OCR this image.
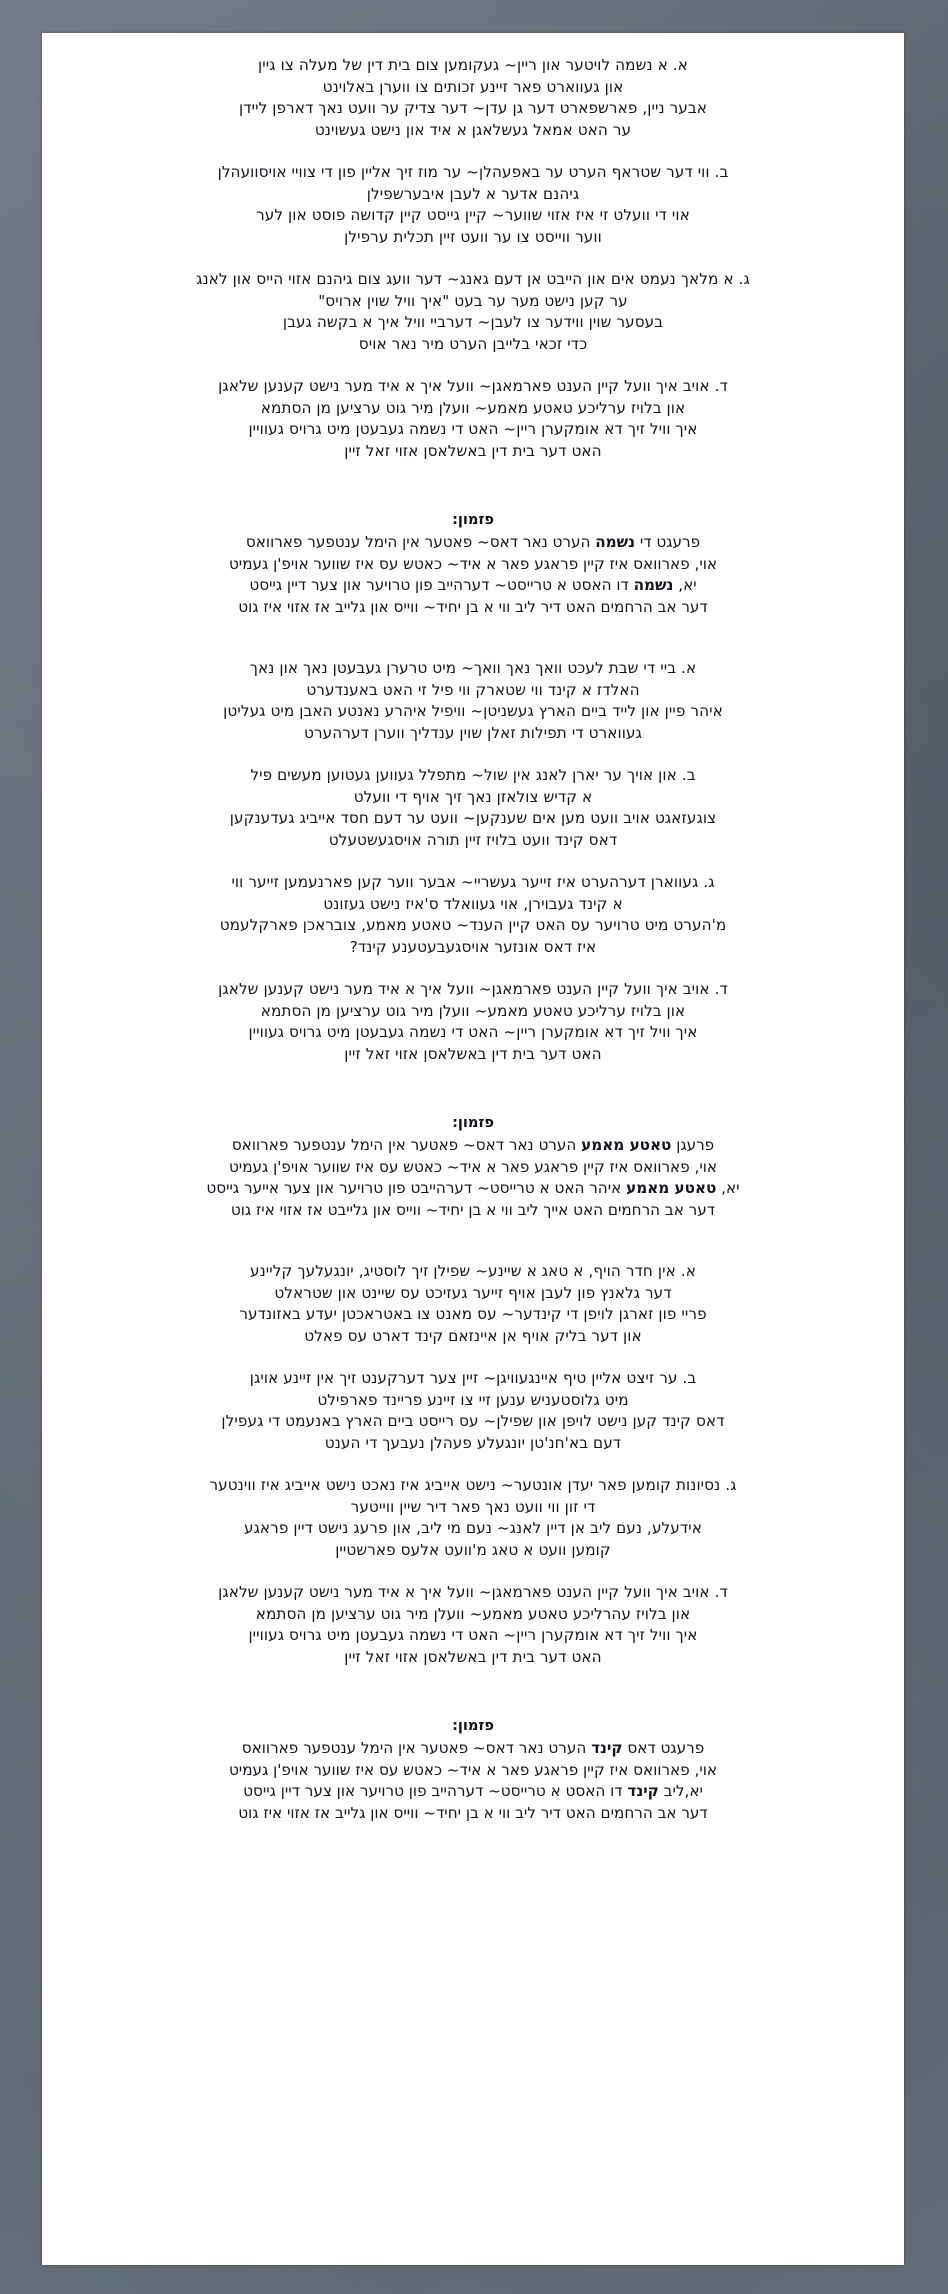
א. א נשמה לויטער און ריין~ געקומען צום בית דין של מעלה צו גיין
און געווארט פאר זיינע זכותים צו ווערן באלוינט
אבער ניין, פארשפארט דער גן עדן~ דער צדיק ער וועט נאך דארפן ליידן
ער האט אמאל געשלאגן א איד און נישט געשוינט
ב. ווי דער שטראף הערט ער באפעהלן~ ער מוז זיך אליין פון די צוויי אויסוועהלן
גיהנם אדער א לעבן איבערשפילן
אוי די וועלט זי איז אזוי שווער~ קיין גייסט קיין קדושה פוסט און לער
ווער ווייסט צו ער וועט זיין תכלית ערפילן
ג. א מלאך נעמט אים און הייבט אן דעם גאנג~ דער וועג צום גיהנם אזוי הייס און לאנג
ער קען נישט מער ער בעט "איך וויל שוין ארויס"
בעסער שוין ווידער צו לעבן~ דערביי וויל איך א בקשה געבן
כדי זכאי בלייבן הערט מיר נאר אויס
ד. אויב איך וועל קיין הענט פארמאגן~ וועל איך א איד מער נישט קענען שלאגן
און בלויז ערליכע טאטע מאמע~ וועלן מיר גוט ערציען מן הסתמא
איך וויל זיך דא אומקערן ריין~ האט די נשמה געבעטן מיט גרויס געוויין
האט דער בית דין באשלאסן אזוי זאל זיין
פזמון:
פרעגט די נשמה הערט נאר דאס~ פאטער אין הימל ענטפער פארוואס
אוי, פארוואס איז קיין פראגע פאר א איד~ כאטש עס איז שווער אויפ'ן געמיט
יא, נשמה דו האסט א טרייסט~ דערהייב פון טרויער און צער דיין גייסט
דער אב הרחמים האט דיר ליב ווי א בן יחיד~ ווייס און גלייב אז אזוי איז גוט
א. ביי די שבת לעכט וואך נאך וואך~ מיט טרערן געבעטן נאך און נאך
האלדז א קינד ווי שטארק ווי פיל זי האט באענדערט
איהר פיין און לייד ביים הארץ געשניטן~ וויפיל איהרע נאנטע האבן מיט געליטן
געווארט די תפילות זאלן שוין ענדליך ווערן דערהערט
ב. און אויך ער יארן לאנג אין שול~ מתפלל געווען געטוען מעשים פיל
א קדיש צולאזן נאך זיך אויף די וועלט
צוגעזאגט אויב וועט מען אים שענקען~ וועט ער דעם חסד אייביג געדענקען
דאס קינד וועט בלויז זיין תורה אויסגעשטעלט
ג. געווארן דערהערט איז זייער געשריי~ אבער ווער קען פארנעמען זייער ווי
א קינד געבוירן, אוי געוואלד ס'איז נישט געזונט
מ'הערט מיט טרויער עס האט קיין הענד~ טאטע מאמע, צובראכן פארקלעמט
איז דאס אונזער אויסגעבעטענע קינד?
ד. אויב איך וועל קיין הענט פארמאגן~ וועל איך א איד מער נישט קענען שלאגן
און בלויז ערליכע טאטע מאמע~ וועלן מיר גוט ערציען מן הסתמא
איך וויל זיך דא אומקערן ריין~ האט די נשמה געבעטן מיט גרויס געוויין
האט דער בית דין באשלאסן אזוי זאל זיין
פזמון:
פרעגן טאטע מאמע הערט נאר דאס~ פאטער אין הימל ענטפער פארוואס
אוי, פארוואס איז קיין פראגע פאר א איד~ כאטש עס איז שווער אויפ'ן געמיט
יא, טאטע מאמע איהר האט א טרייסט~ דערהייבט פון טרויער און צער אייער גייסט
דער אב הרחמים האט אייך ליב ווי א בן יחיד~ ווייס און גלייבט אז אזוי איז גוט
א. אין חדר הויף, א טאג א שיינע~ שפילן זיך לוסטיג, יונגעלעך קליינע
דער גלאנץ פון לעבן אויף זייער געזיכט עס שיינט און שטראלט
פריי פון זארגן לויפן די קינדער~ עס מאנט צו באטראכטן יעדע באזונדער
און דער בליק אויף אן איינזאם קינד דארט עס פאלט
ב. ער זיצט אליין טיף איינגעוויגן~ זיין צער דערקענט זיך אין זיינע אויגן
מיט גלוסטעניש ענען זיי צו זיינע פריינד פארפילט
דאס קינד קען נישט לויפן און שפילן~ עס רייסט ביים הארץ באנעמט די געפילן
דעם בא'חנ'טן יונגעלע פעהלן נעבעך די הענט
ג. נסיונות קומען פאר יעדן אונטער~ נישט אייביג איז נאכט נישט אייביג איז ווינטער
די זון ווי וועט נאך פאר דיר שיין ווייטער
אידעלע, נעם ליב אן דיין לאנג~ נעם מי ליב, און פרעג נישט דיין פראגע
קומען וועט א טאג מ'וועט אלעס פארשטיין
ד. אויב איך וועל קיין הענט פארמאגן~ וועל איך א איד מער נישט קענען שלאגן
און בלויז עהרליכע טאטע מאמע~ וועלן מיר גוט ערציען מן הסתמא
איך וויל זיך דא אומקערן ריין~ האט די נשמה געבעטן מיט גרויס געוויין
האט דער בית דין באשלאסן אזוי זאל זיין
פזמון:
פרעגט דאס קינד הערט נאר דאס~ פאטער אין הימל ענטפער פארוואס
אוי, פארוואס איז קיין פראגע פאר א איד~ כאטש עס איז שווער אויפ'ן געמיט
יא,ליב קינד דו האסט א טרייסט~ דערהייב פון טרויער און צער דיין גייסט
דער אב הרחמים האט דיר ליב ווי א בן יחיד~ ווייס און גלייב אז אזוי איז גוט
